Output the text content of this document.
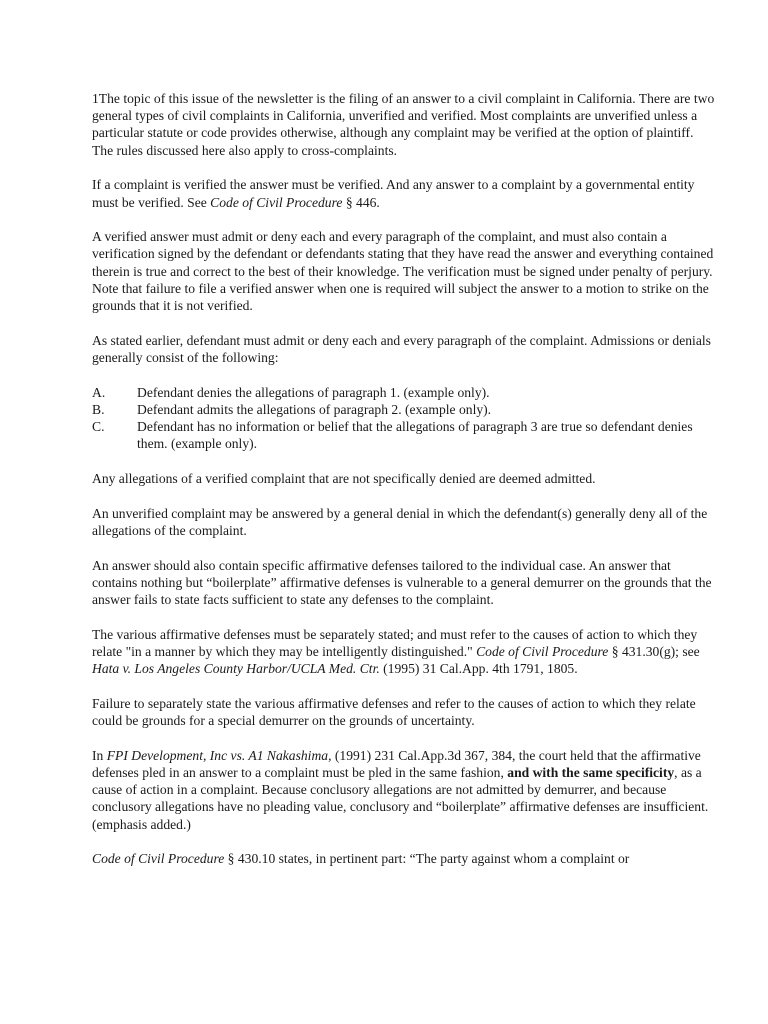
1The topic of this issue of the newsletter is the filing of an answer to a civil complaint in California. There are two general types of civil complaints in California, unverified and verified. Most complaints are unverified unless a particular statute or code provides otherwise, although any complaint may be verified at the option of plaintiff. The rules discussed here also apply to cross-complaints.

If a complaint is verified the answer must be verified. And any answer to a complaint by a governmental entity must be verified. See Code of Civil Procedure § 446.

A verified answer must admit or deny each and every paragraph of the complaint, and must also contain a verification signed by the defendant or defendants stating that they have read the answer and everything contained therein is true and correct to the best of their knowledge. The verification must be signed under penalty of perjury. Note that failure to file a verified answer when one is required will subject the answer to a motion to strike on the grounds that it is not verified.

As stated earlier, defendant must admit or deny each and every paragraph of the complaint. Admissions or denials generally consist of the following:

A.	Defendant denies the allegations of paragraph 1. (example only).
B.	Defendant admits the allegations of paragraph 2. (example only).
C.	Defendant has no information or belief that the allegations of paragraph 3 are true so defendant denies them. (example only).

Any allegations of a verified complaint that are not specifically denied are deemed admitted.

An unverified complaint may be answered by a general denial in which the defendant(s) generally deny all of the allegations of the complaint.

An answer should also contain specific affirmative defenses tailored to the individual case. An answer that contains nothing but “boilerplate” affirmative defenses is vulnerable to a general demurrer on the grounds that the answer fails to state facts sufficient to state any defenses to the complaint.

The various affirmative defenses must be separately stated; and must refer to the causes of action to which they relate "in a manner by which they may be intelligently distinguished." Code of Civil Procedure § 431.30(g); see Hata v. Los Angeles County Harbor/UCLA Med. Ctr. (1995) 31 Cal.App. 4th 1791, 1805.

Failure to separately state the various affirmative defenses and refer to the causes of action to which they relate could be grounds for a special demurrer on the grounds of uncertainty.

In FPI Development, Inc vs. A1 Nakashima, (1991) 231 Cal.App.3d 367, 384, the court held that the affirmative defenses pled in an answer to a complaint must be pled in the same fashion, and with the same specificity, as a cause of action in a complaint. Because conclusory allegations are not admitted by demurrer, and because conclusory allegations have no pleading value, conclusory and “boilerplate” affirmative defenses are insufficient. (emphasis added.)

Code of Civil Procedure § 430.10 states, in pertinent part: “The party against whom a complaint or
